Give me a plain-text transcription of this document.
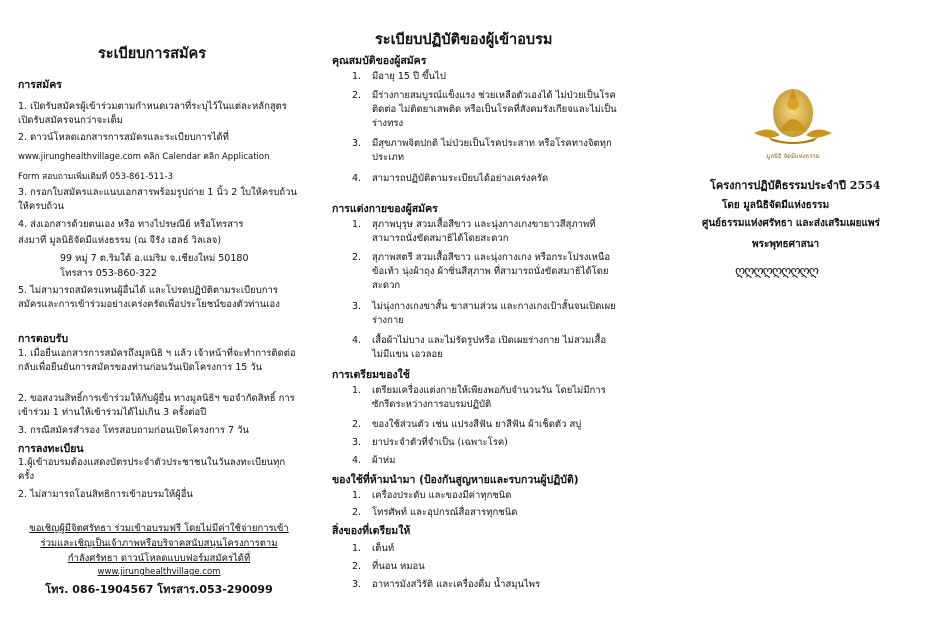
ระเบียบการสมัคร
การสมัคร
1. เปิดรับสมัครผู้เข้าร่วมตามกำหนดเวลาที่ระบุไว้ในแต่ละหลักสูตร เปิดรับสมัครจนกว่าจะเต็ม
2. ดาวน์โหลดเอกสารการสมัครและระเบียบการได้ที่
www.jirunghealthvillage.com คลิก Calendar คลิก Application
Form สอบถามเพิ่มเติมที่ 053-861-511-3
3. กรอกใบสมัครและแนบเอกสารพร้อมรูปถ่าย 1 นิ้ว 2 ใบให้ครบถ้วนให้ครบถ้วน
4. ส่งเอกสารด้วยตนเอง หรือ ทางไปรษณีย์ หรือโทรสาร
ส่งมาที่ มูลนิธิจัดมีแห่งธรรม (ณ จีรัง เฮลธ์ วิลเลจ)
99 หมู่ 7 ต.ริมใต้ อ.แม่ริม จ.เชียงใหม่ 50180
โทรสาร 053-860-322
5. ไม่สามารถสมัครแทนผู้อื่นได้ และโปรดปฏิบัติตามระเบียบการสมัครและการเข้าร่วมอย่างเคร่งครัดเพื่อประโยชน์ของตัวท่านเอง
การตอบรับ
1. เมื่อยื่นเอกสารการสมัครถึงมูลนิธิ ฯ แล้ว เจ้าหน้าที่จะทำการติดต่อกลับเพื่อยืนยันการสมัครของท่านก่อนวันเปิดโครงการ 15 วัน
2. ขอสงวนสิทธิ์การเข้าร่วมให้กับผู้ยื่น ทางมูลนิธิฯ ขอจำกัดสิทธิ์ การเข้าร่วม 1 ท่านให้เข้าร่วมได้ไม่เกิน 3 ครั้งต่อปี
3. กรณีสมัครสำรอง โทรสอบถามก่อนเปิดโครงการ 7 วัน
การลงทะเบียน
1.ผู้เข้าอบรมต้องแสดงบัตรประจำตัวประชาชนในวันลงทะเบียนทุกครั้ง
2. ไม่สามารถโอนสิทธิการเข้าอบรมให้ผู้อื่น
ขอเชิญผู้มีจิตศรัทธา ร่วมเข้าอบรมฟรี โดยไม่มีค่าใช้จ่ายการเข้า
ร่วมและเชิญเป็นเจ้าภาพหรือบริจาคสนับสนุนโครงการตาม
กำลังศรัทธา ดาวน์โหลดแบบฟอร์มสมัครได้ที่
www.jirunghealthvillage.com
โทร. 086-1904567 โทรสาร.053-290099
ระเบียบปฏิบัติของผู้เข้าอบรม
คุณสมบัติของผู้สมัคร
1. มีอายุ 15 ปี ขึ้นไป
2. มีร่างกายสมบูรณ์แข็งแรง ช่วยเหลือตัวเองได้ ไม่ป่วยเป็นโรคติดต่อ ไม่ติดยาเสพติด หรือเป็นโรคที่สังคมรังเกียจและไม่เป็นร่างทรง
3. มีสุขภาพจิตปกติ ไม่ป่วยเป็นโรคประสาท หรือโรคทางจิตทุกประเภท
4. สามารถปฏิบัติตามระเบียบได้อย่างเคร่งครัด
การแต่งกายของผู้สมัคร
1. สุภาพบุรุษ สวมเสื้อสีขาว และนุ่งกางเกงขายาวสีสุภาพที่สามารถนั่งขัดสมาธิได้โดยสะดวก
2. สุภาพสตรี สวมเสื้อสีขาว และนุ่งกางเกง หรือกระโปรงเหนือข้อเท้า นุ่งผ้าถุง ผ้าซิ่นสีสุภาพ ที่สามารถนั่งขัดสมาธิได้โดยสะดวก
3. ไม่นุ่งกางเกงขาสั้น ขาสามส่วน และกางเกงเป้าสั้นจนเปิดเผยร่างกาย
4. เสื้อผ้าไม่บาง และไม่รัดรูปหรือ เปิดเผยร่างกาย ไม่สวมเสื้อไม่มีแขน เอวลอย
การเตรียมของใช้
1. เตรียมเครื่องแต่งกายให้เพียงพอกับจำนวนวัน โดยไม่มีการซักรีดระหว่างการอบรมปฏิบัติ
2. ของใช้ส่วนตัว เช่น แปรงสีฟัน ยาสีฟัน ผ้าเช็ดตัว สบู่
3. ยาประจำตัวที่จำเป็น (เฉพาะโรค)
4. ผ้าห่ม
ของใช้ที่ห้ามนำมา (ป้องกันสูญหายและรบกวนผู้ปฏิบัติ)
1. เครื่องประดับ และของมีค่าทุกชนิด
2. โทรศัพท์ และอุปกรณ์สื่อสารทุกชนิด
สิ่งของที่เตรียมให้
1. เต็นท์
2. ที่นอน หมอน
3. อาหารมังสวิรัติ และเครื่องดื่ม น้ำสมุนไพร
มูลนิธิ จัดมีแห่งธรรม
โครงการปฏิบัติธรรมประจำปี 2554
โดย มูลนิธิจัดมีแห่งธรรม
ศูนย์ธรรมแห่งศรัทธา และส่งเสริมเผยแพร่
พระพุทธศาสนา
ღღღღღღღღღ
